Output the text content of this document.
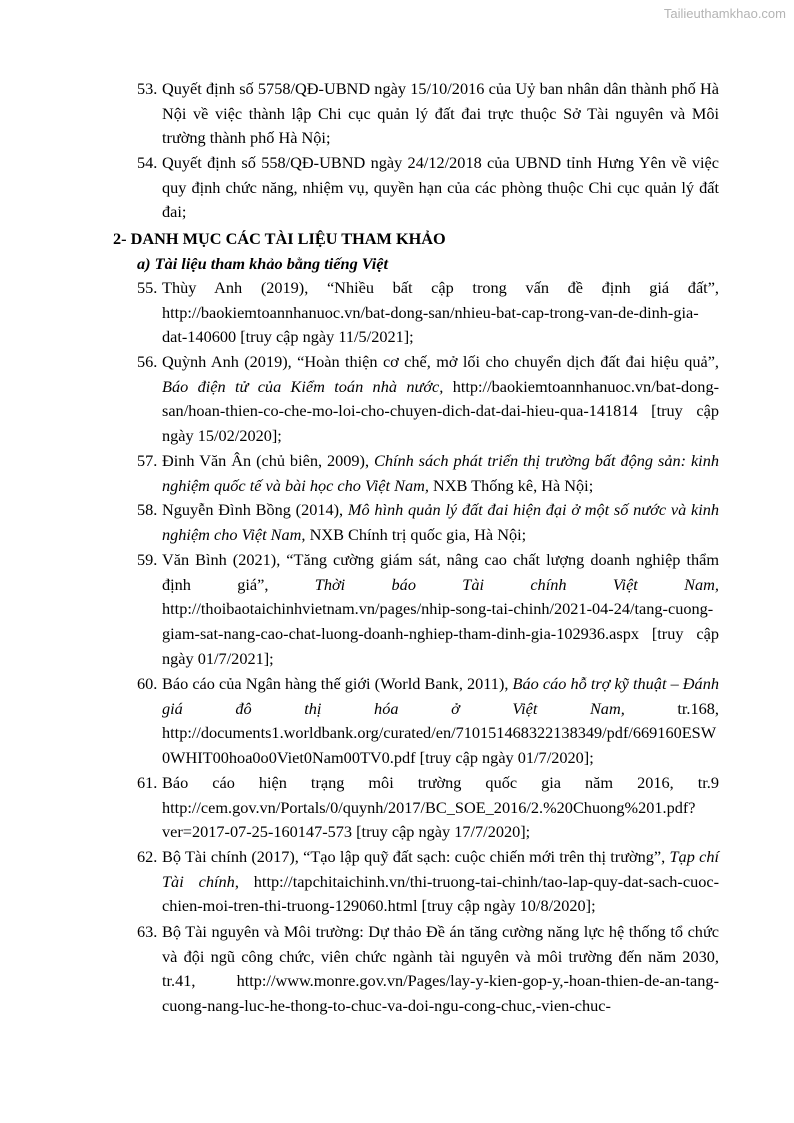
Tailieuthamkhao.com
53. Quyết định số 5758/QĐ-UBND ngày 15/10/2016 của Uỷ ban nhân dân thành phố Hà Nội về việc thành lập Chi cục quản lý đất đai trực thuộc Sở Tài nguyên và Môi trường thành phố Hà Nội;
54. Quyết định số 558/QĐ-UBND ngày 24/12/2018 của UBND tỉnh Hưng Yên về việc quy định chức năng, nhiệm vụ, quyền hạn của các phòng thuộc Chi cục quản lý đất đai;
2- DANH MỤC CÁC TÀI LIỆU THAM KHẢO
a) Tài liệu tham khảo bằng tiếng Việt
55. Thùy Anh (2019), “Nhiều bất cập trong vấn đề định giá đất”, http://baokiemtoannhanuoc.vn/bat-dong-san/nhieu-bat-cap-trong-van-de-dinh-gia-dat-140600 [truy cập ngày 11/5/2021];
56. Quỳnh Anh (2019), “Hoàn thiện cơ chế, mở lối cho chuyển dịch đất đai hiệu quả”, Báo điện tử của Kiểm toán nhà nước, http://baokiemtoannhanuoc.vn/bat-dong-san/hoan-thien-co-che-mo-loi-cho-chuyen-dich-dat-dai-hieu-qua-141814 [truy cập ngày 15/02/2020];
57. Đinh Văn Ân (chủ biên, 2009), Chính sách phát triển thị trường bất động sản: kinh nghiệm quốc tế và bài học cho Việt Nam, NXB Thống kê, Hà Nội;
58. Nguyễn Đình Bồng (2014), Mô hình quản lý đất đai hiện đại ở một số nước và kinh nghiệm cho Việt Nam, NXB Chính trị quốc gia, Hà Nội;
59. Văn Bình (2021), “Tăng cường giám sát, nâng cao chất lượng doanh nghiệp thẩm định giá”, Thời báo Tài chính Việt Nam, http://thoibaotaichinhvietnam.vn/pages/nhip-song-tai-chinh/2021-04-24/tang-cuong-giam-sat-nang-cao-chat-luong-doanh-nghiep-tham-dinh-gia-102936.aspx [truy cập ngày 01/7/2021];
60. Báo cáo của Ngân hàng thế giới (World Bank, 2011), Báo cáo hỗ trợ kỹ thuật – Đánh giá đô thị hóa ở Việt Nam, tr.168, http://documents1.worldbank.org/curated/en/710151468322138349/pdf/669160ESW0WHIT00hoa0o0Viet0Nam00TV0.pdf [truy cập ngày 01/7/2020];
61. Báo cáo hiện trạng môi trường quốc gia năm 2016, tr.9 http://cem.gov.vn/Portals/0/quynh/2017/BC_SOE_2016/2.%20Chuong%201.pdf?ver=2017-07-25-160147-573 [truy cập ngày 17/7/2020];
62. Bộ Tài chính (2017), “Tạo lập quỹ đất sạch: cuộc chiến mới trên thị trường”, Tạp chí Tài chính, http://tapchitaichinh.vn/thi-truong-tai-chinh/tao-lap-quy-dat-sach-cuoc-chien-moi-tren-thi-truong-129060.html [truy cập ngày 10/8/2020];
63. Bộ Tài nguyên và Môi trường: Dự thảo Đề án tăng cường năng lực hệ thống tổ chức và đội ngũ công chức, viên chức ngành tài nguyên và môi trường đến năm 2030, tr.41, http://www.monre.gov.vn/Pages/lay-y-kien-gop-y,-hoan-thien-de-an-tang-cuong-nang-luc-he-thong-to-chuc-va-doi-ngu-cong-chuc,-vien-chuc-
